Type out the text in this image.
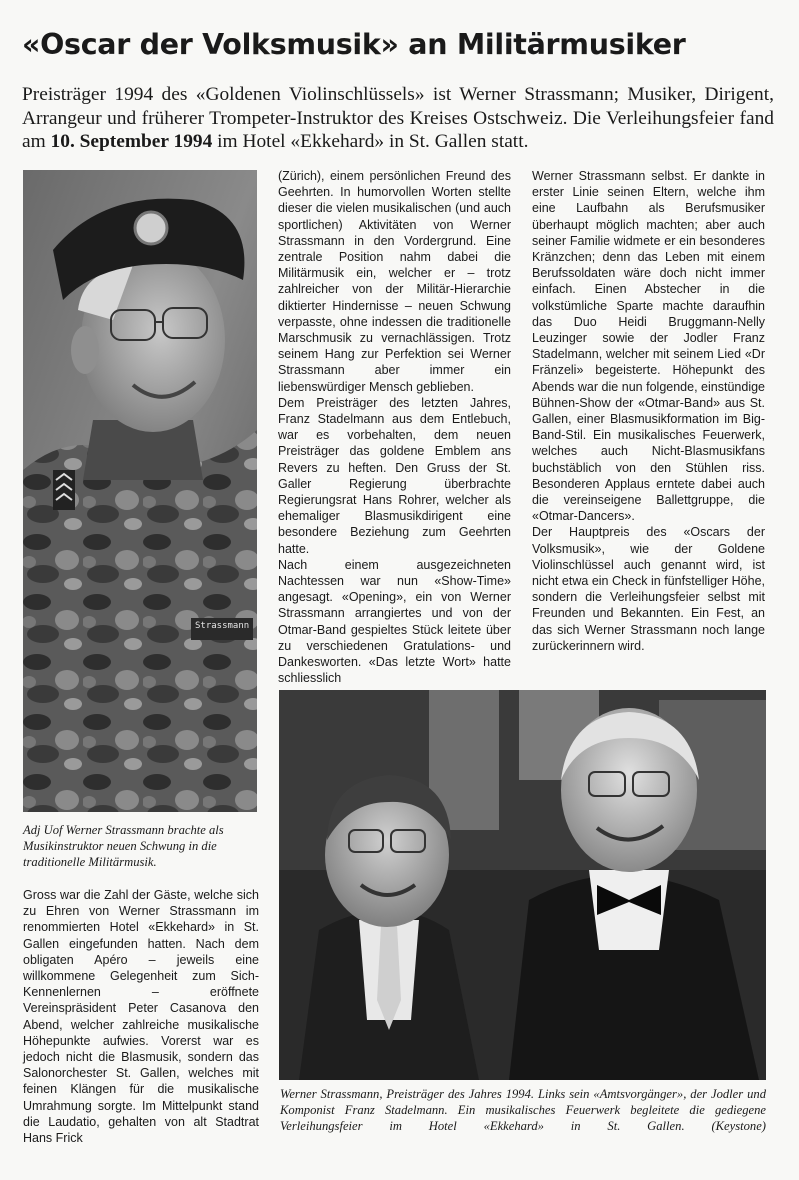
«Oscar der Volksmusik» an Militärmusiker
Preisträger 1994 des «Goldenen Violinschlüssels» ist Werner Strassmann; Musiker, Dirigent, Arrangeur und früherer Trompeter-Instruktor des Kreises Ostschweiz. Die Verleihungsfeier fand am 10. September 1994 im Hotel «Ekkehard» in St. Gallen statt.
Strassmann
Adj Uof Werner Strassmann brachte als Musikinstruktor neuen Schwung in die traditionelle Militärmusik.

Gross war die Zahl der Gäste, welche sich zu Ehren von Werner Strassmann im renommierten Hotel «Ekkehard» in St. Gallen eingefunden hatten. Nach dem obligaten Apéro – jeweils eine willkommene Gelegenheit zum Sich-Kennenlernen – eröffnete Vereinspräsident Peter Casanova den Abend, welcher zahlreiche musikalische Höhepunkte aufwies. Vorerst war es jedoch nicht die Blasmusik, sondern das Salonorchester St. Gallen, welches mit feinen Klängen für die musikalische Umrahmung sorgte. Im Mittelpunkt stand die Laudatio, gehalten von alt Stadtrat Hans Frick

(Zürich), einem persönlichen Freund des Geehrten. In humorvollen Worten stellte dieser die vielen musikalischen (und auch sportlichen) Aktivitäten von Werner Strassmann in den Vordergrund. Eine zentrale Position nahm dabei die Militärmusik ein, welcher er – trotz zahlreicher von der Militär-Hierarchie diktierter Hindernisse – neuen Schwung verpasste, ohne indessen die traditionelle Marschmusik zu vernachlässigen. Trotz seinem Hang zur Perfektion sei Werner Strassmann aber immer ein liebenswürdiger Mensch geblieben.

Dem Preisträger des letzten Jahres, Franz Stadelmann aus dem Entlebuch, war es vorbehalten, dem neuen Preisträger das goldene Emblem ans Revers zu heften. Den Gruss der St. Galler Regierung überbrachte Regierungsrat Hans Rohrer, welcher als ehemaliger Blasmusikdirigent eine besondere Beziehung zum Geehrten hatte.

Nach einem ausgezeichneten Nachtessen war nun «Show-Time» angesagt. «Opening», ein von Werner Strassmann arrangiertes und von der Otmar-Band gespieltes Stück leitete über zu verschiedenen Gratulations- und Dankesworten. «Das letzte Wort» hatte schliesslich

Werner Strassmann selbst. Er dankte in erster Linie seinen Eltern, welche ihm eine Laufbahn als Berufsmusiker überhaupt möglich machten; aber auch seiner Familie widmete er ein besonderes Kränzchen; denn das Leben mit einem Berufssoldaten wäre doch nicht immer einfach. Einen Abstecher in die volkstümliche Sparte machte daraufhin das Duo Heidi Bruggmann-Nelly Leuzinger sowie der Jodler Franz Stadelmann, welcher mit seinem Lied «Dr Fränzeli» begeisterte. Höhepunkt des Abends war die nun folgende, einstündige Bühnen-Show der «Otmar-Band» aus St. Gallen, einer Blasmusikformation im Big-Band-Stil. Ein musikalisches Feuerwerk, welches auch Nicht-Blasmusikfans buchstäblich von den Stühlen riss. Besonderen Applaus erntete dabei auch die vereinseigene Ballettgruppe, die «Otmar-Dancers».

Der Hauptpreis des «Oscars der Volksmusik», wie der Goldene Violinschlüssel auch genannt wird, ist nicht etwa ein Check in fünfstelliger Höhe, sondern die Verleihungsfeier selbst mit Freunden und Bekannten. Ein Fest, an das sich Werner Strassmann noch lange zurückerinnern wird.

Werner Strassmann, Preisträger des Jahres 1994. Links sein «Amtsvorgänger», der Jodler und Komponist Franz Stadelmann. Ein musikalisches Feuerwerk begleitete die gediegene Verleihungsfeier im Hotel «Ekkehard» in St. Gallen. (Keystone)
